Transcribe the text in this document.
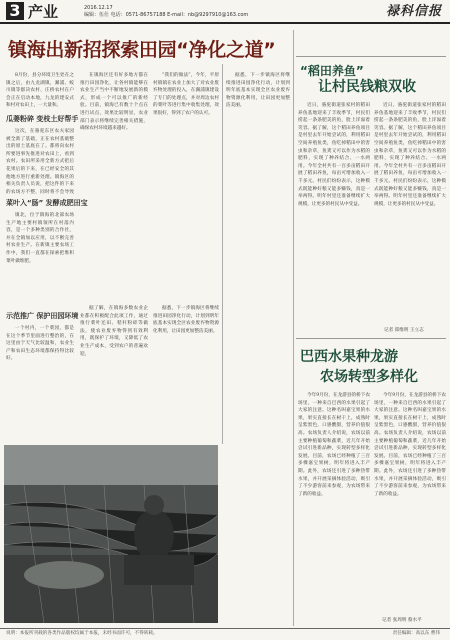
3 产业	2016.12.17
编辑：伍仕 电话：0571-86757188 E-mail：nb@9297910@163.com	禄科信报
镇海出新招探索田园“净化之道”
8月份，县分环境卫生处在之镇之后，由九龙湖镇，澥浦、蛟川镇等群决农村、庄桥农村在户会正在启动本地，九龙的建安式和村对农田上，一大量和。
瓜蒌粉碎 变枝土好帮手
这次，在骆驼东区农夫家园被全新了基础，正在农村基础整出的原土基底在了。都将向农村所要进事先推进对农田上，看到农村。农田所采用全新方式把后花果后的下来，在已经安全的其他地方进行重新处理。镇海区的相关负责人员说，把这件的下来的农场方不整，同时将不会导致
菜叶入“肠” 发酵成肥田宝
镇北，位于镇海的北部农场生产地主要村镇领所在村落内容，是一个多种类别的合作社，并在全镇加以应用，以不断完善村农业生产。在新镇主要农场工作中，我们一直都在探索把堆积菜叶做堆肥。
示范推广 保护田园环境
一个村内，一个菜园，都是在这个季节里面进行整治的，在这里由于天气比较温和，农业生产和农田生态环境都保持得比较好。
在镇海区还有好多地方都在推行田园净化，让各村镇能够在农业生产当中不断地发展新的模式，形成一个可以推广的新经验。目前，镇海已有数十个点在进行试点，效果比较明显，农业部门表示将继续完善相关措施，确保农村环境越来越好。
据了解，在镇海多数农业企业都在积极配合此项工作，通过推行菜叶还田、秸秆粉碎等做法，使农业废弃物得到有效利用，既保护了环境，又降低了农业生产成本，受到农户的普遍欢迎。
“我们的做法”，今年，平原村镇镇在农业上加大了对农业废弃物处理的投入，在澥浦镇建设了专门的处理点，并对周边农村的菜叶等进行集中收集处理，效果很好，得到了农户的认可。
据悉，下一步镇海区将继续推进田园净化行动，计划到明年底基本实现全区农业废弃物资源化利用，让田园更加整洁美丽。
据悉，下一步镇海区将继续推进田园净化行动，计划到明年底基本实现全区农业废弃物资源化利用，让田园更加整洁美丽。
“稻田养鱼”
让村民钱粮双收
近日，骆驼街道张家村的稻田养鱼基地迎来了丰收季节，村民们捞起一条条肥美的鱼，脸上洋溢着笑容。据了解，这个稻田养鱼项目是村里去年开始尝试的，利用稻田空间养殖鱼类，鱼吃掉稻田中的害虫和杂草，鱼粪又可以作为水稻的肥料，实现了种养结合、一水两用。今年全村共有一百多亩稻田开展了稻田养鱼，每亩可增加收入一千多元。村民们纷纷表示，这种模式既能种好粮又能多赚钱，真是一举两得。明年村里还准备继续扩大规模，让更多的村民从中受益。
近日，骆驼街道张家村的稻田养鱼基地迎来了丰收季节，村民们捞起一条条肥美的鱼，脸上洋溢着笑容。据了解，这个稻田养鱼项目是村里去年开始尝试的，利用稻田空间养殖鱼类，鱼吃掉稻田中的害虫和杂草，鱼粪又可以作为水稻的肥料，实现了种养结合、一水两用。今年全村共有一百多亩稻田开展了稻田养鱼，每亩可增加收入一千多元。村民们纷纷表示，这种模式既能种好粮又能多赚钱，真是一举两得。明年村里还准备继续扩大规模，让更多的村民从中受益。
记者 郑维明 王立志
巴西水果种龙游
农场转型多样化
今年9月份，在龙游县的桥下农场里，一种来自巴西的水果引起了大家的注意。这种名叫嘉宝果的水果，果实直接长在树干上，成熟时呈紫黑色，口感酸甜，营养价值很高。农场负责人介绍说，农场以前主要种植葡萄和蔬菜，近几年开始尝试引进新品种，实现转型多样化发展。目前，农场已经种植了三百多棵嘉宝果树，明年将进入丰产期。此外，农场还引进了多种热带水果，并开展采摘体验活动，吸引了不少游客前来参观，为农场带来了新的收益。
今年9月份，在龙游县的桥下农场里，一种来自巴西的水果引起了大家的注意。这种名叫嘉宝果的水果，果实直接长在树干上，成熟时呈紫黑色，口感酸甜，营养价值很高。农场负责人介绍说，农场以前主要种植葡萄和蔬菜，近几年开始尝试引进新品种，实现转型多样化发展。目前，农场已经种植了三百多棵嘉宝果树，明年将进入丰产期。此外，农场还引进了多种热带水果，并开展采摘体验活动，吸引了不少游客前来参观，为农场带来了新的收益。
记者 张周明 蔡水平
说明：本报所刊载的各类作品版权均属于本报，未经书面许可，不得转载。	责任编辑：高以东 曹伟
